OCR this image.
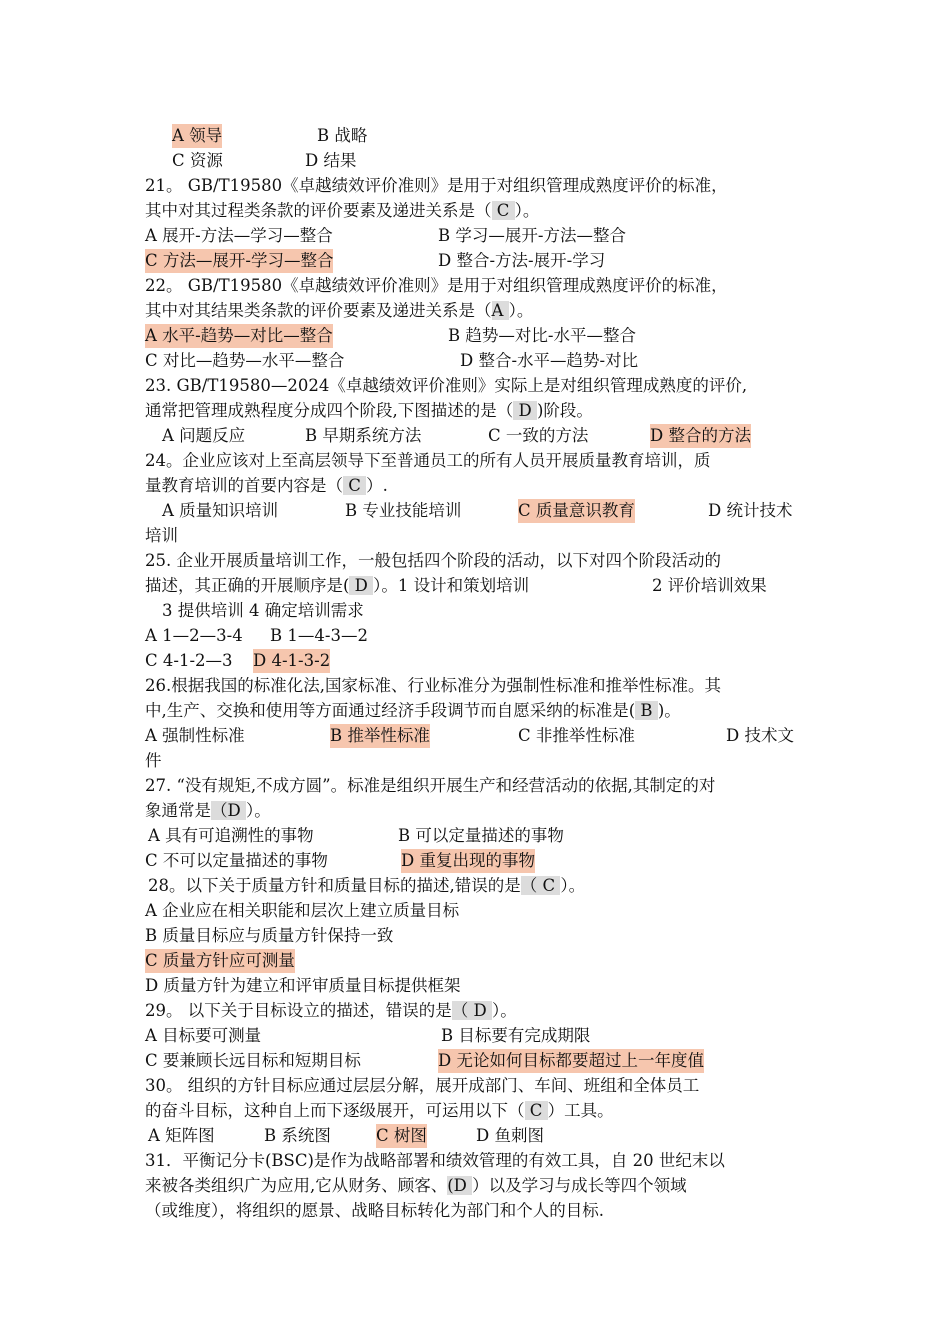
A 领导	B 战略
C 资源	D 结果
21。 GB/T19580《卓越绩效评价准则》是用于对组织管理成熟度评价的标准，
其中对其过程类条款的评价要素及递进关系是（ C ）。
A 展开-方法—学习—整合	B 学习—展开-方法—整合
C 方法—展开-学习—整合	D 整合-方法-展开-学习
22。 GB/T19580《卓越绩效评价准则》是用于对组织管理成熟度评价的标准，
其中对其结果类条款的评价要素及递进关系是（A ）。
A 水平-趋势—对比—整合	B 趋势—对比-水平—整合
C 对比—趋势—水平—整合	D 整合-水平—趋势-对比
23. GB/T19580—2024《卓越绩效评价准则》实际上是对组织管理成熟度的评价,
通常把管理成熟程度分成四个阶段,下图描述的是（ D )阶段。
A 问题反应	B 早期系统方法	C 一致的方法	D 整合的方法
24。企业应该对上至高层领导下至普通员工的所有人员开展质量教育培训，质
量教育培训的首要内容是（ C ）.
A 质量知识培训	B 专业技能培训	C 质量意识教育	D 统计技术
培训
25. 企业开展质量培训工作，一般包括四个阶段的活动，以下对四个阶段活动的
描述，其正确的开展顺序是( D ）。1 设计和策划培训	2 评价培训效果
3 提供培训 4 确定培训需求
A 1—2—3-4 B 1—4-3—2
C 4-1-2—3 D 4-1-3-2
26.根据我国的标准化法,国家标准、行业标准分为强制性标准和推举性标准。其
中,生产、交换和使用等方面通过经济手段调节而自愿采纳的标准是( B )。
A 强制性标准	B 推举性标准	C 非推举性标准	D 技术文
件
27. “没有规矩,不成方圆”。标准是组织开展生产和经营活动的依据,其制定的对
象通常是（D ）。
A 具有可追溯性的事物	B 可以定量描述的事物
C 不可以定量描述的事物	D 重复出现的事物
28。以下关于质量方针和质量目标的描述,错误的是（ C ）。
A 企业应在相关职能和层次上建立质量目标
B 质量目标应与质量方针保持一致
C 质量方针应可测量
D 质量方针为建立和评审质量目标提供框架
29。 以下关于目标设立的描述，错误的是（ D ）。
A 目标要可测量	B 目标要有完成期限
C 要兼顾长远目标和短期目标	D 无论如何目标都要超过上一年度值
30。 组织的方针目标应通过层层分解，展开成部门、车间、班组和全体员工
的奋斗目标，这种自上而下逐级展开，可运用以下（ C ）工具。
A 矩阵图	B 系统图	C 树图	D 鱼刺图
31．平衡记分卡(BSC)是作为战略部署和绩效管理的有效工具，自 20 世纪末以
来被各类组织广为应用,它从财务、顾客、(D ）以及学习与成长等四个领域
（或维度），将组织的愿景、战略目标转化为部门和个人的目标.
